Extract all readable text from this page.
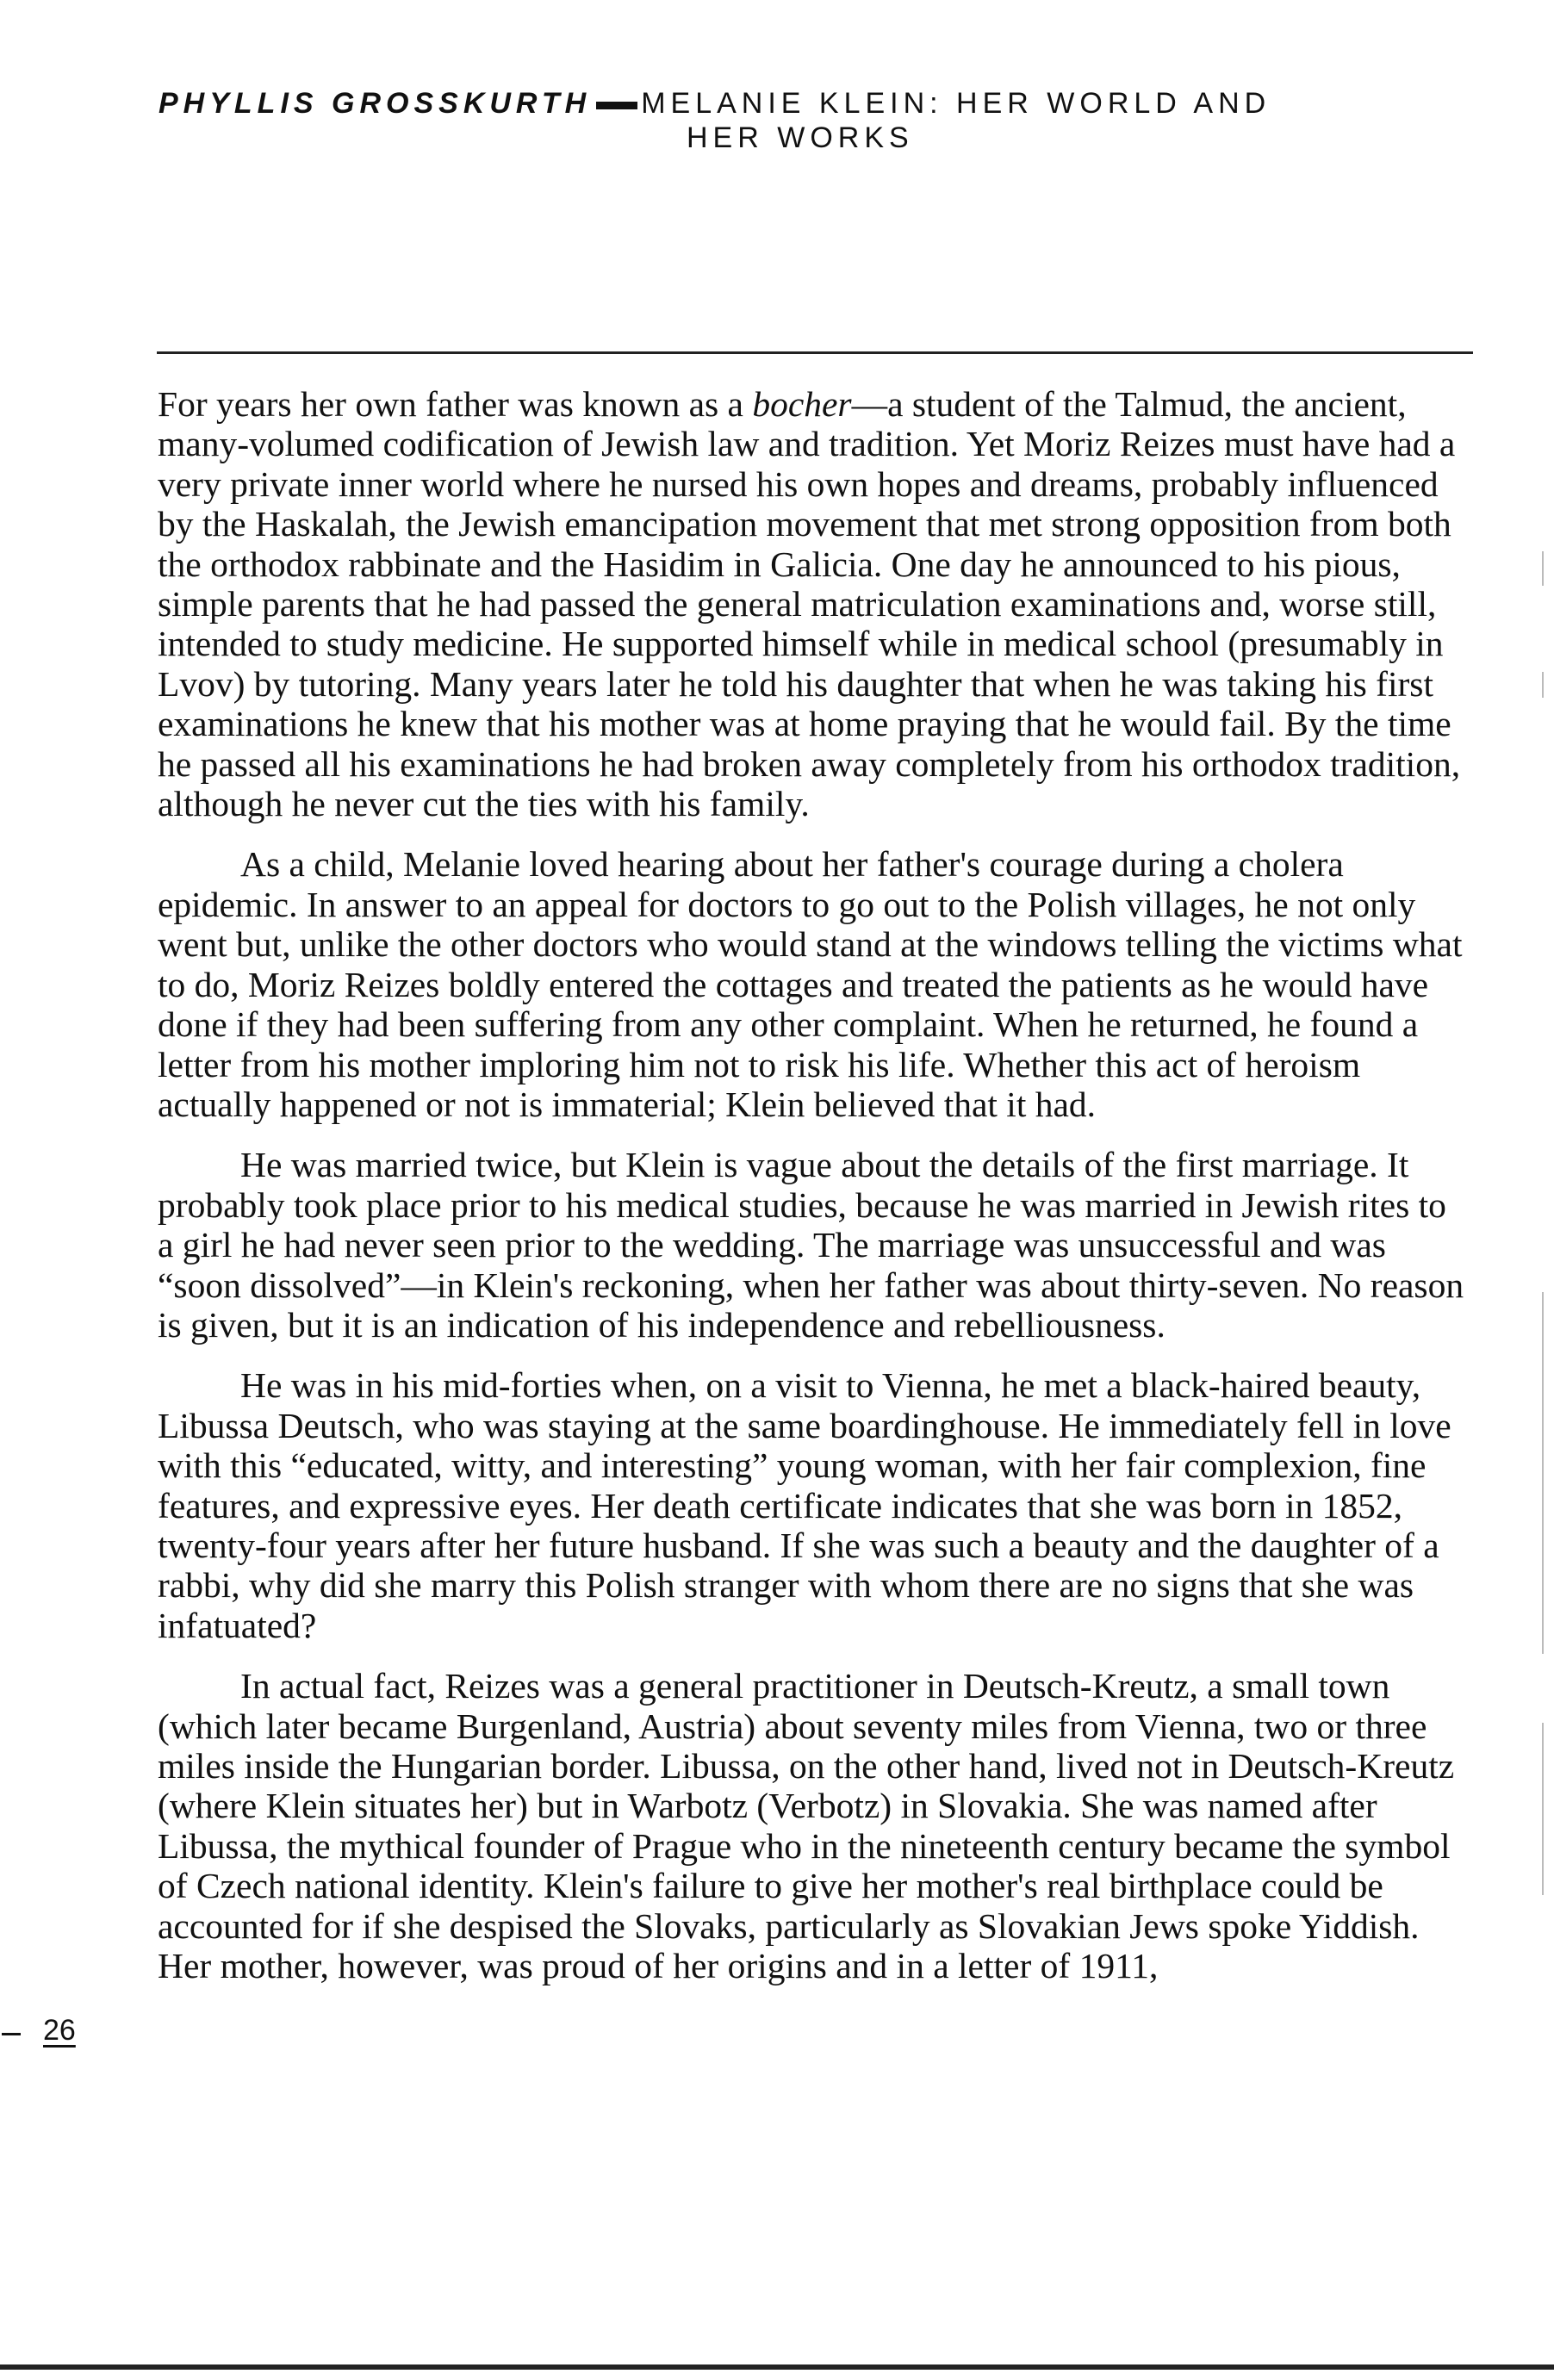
PHYLLIS GROSSKURTH MELANIE KLEIN: HER WORLD AND
HER WORKS

For years her own father was known as a bocher—a student of the Talmud, the ancient, many-volumed codification of Jewish law and tradition. Yet Moriz Reizes must have had a very private inner world where he nursed his own hopes and dreams, probably influenced by the Haskalah, the Jewish emancipation movement that met strong opposition from both the orthodox rabbinate and the Hasidim in Galicia. One day he announced to his pious, simple parents that he had passed the general matriculation examinations and, worse still, intended to study medicine. He supported himself while in medical school (presumably in Lvov) by tutoring. Many years later he told his daughter that when he was taking his first examinations he knew that his mother was at home praying that he would fail. By the time he passed all his examinations he had broken away completely from his orthodox tradition, although he never cut the ties with his family.

As a child, Melanie loved hearing about her father's courage during a cholera epidemic. In answer to an appeal for doctors to go out to the Polish villages, he not only went but, unlike the other doctors who would stand at the windows telling the victims what to do, Moriz Reizes boldly entered the cottages and treated the patients as he would have done if they had been suffering from any other complaint. When he returned, he found a letter from his mother imploring him not to risk his life. Whether this act of heroism actually happened or not is immaterial; Klein believed that it had.

He was married twice, but Klein is vague about the details of the first marriage. It probably took place prior to his medical studies, because he was married in Jewish rites to a girl he had never seen prior to the wedding. The marriage was unsuccessful and was “soon dissolved”—in Klein's reckoning, when her father was about thirty-seven. No reason is given, but it is an indication of his independence and rebelliousness.

He was in his mid-forties when, on a visit to Vienna, he met a black-haired beauty, Libussa Deutsch, who was staying at the same boardinghouse. He immediately fell in love with this “educated, witty, and interesting” young woman, with her fair complexion, fine features, and expressive eyes. Her death certificate indicates that she was born in 1852, twenty-four years after her future husband. If she was such a beauty and the daughter of a rabbi, why did she marry this Polish stranger with whom there are no signs that she was infatuated?

In actual fact, Reizes was a general practitioner in Deutsch-Kreutz, a small town (which later became Burgenland, Austria) about seventy miles from Vienna, two or three miles inside the Hungarian border. Libussa, on the other hand, lived not in Deutsch-Kreutz (where Klein situates her) but in Warbotz (Verbotz) in Slovakia. She was named after Libussa, the mythical founder of Prague who in the nineteenth century became the symbol of Czech national identity. Klein's failure to give her mother's real birthplace could be accounted for if she despised the Slovaks, particularly as Slovakian Jews spoke Yiddish. Her mother, however, was proud of her origins and in a letter of 1911,

26
